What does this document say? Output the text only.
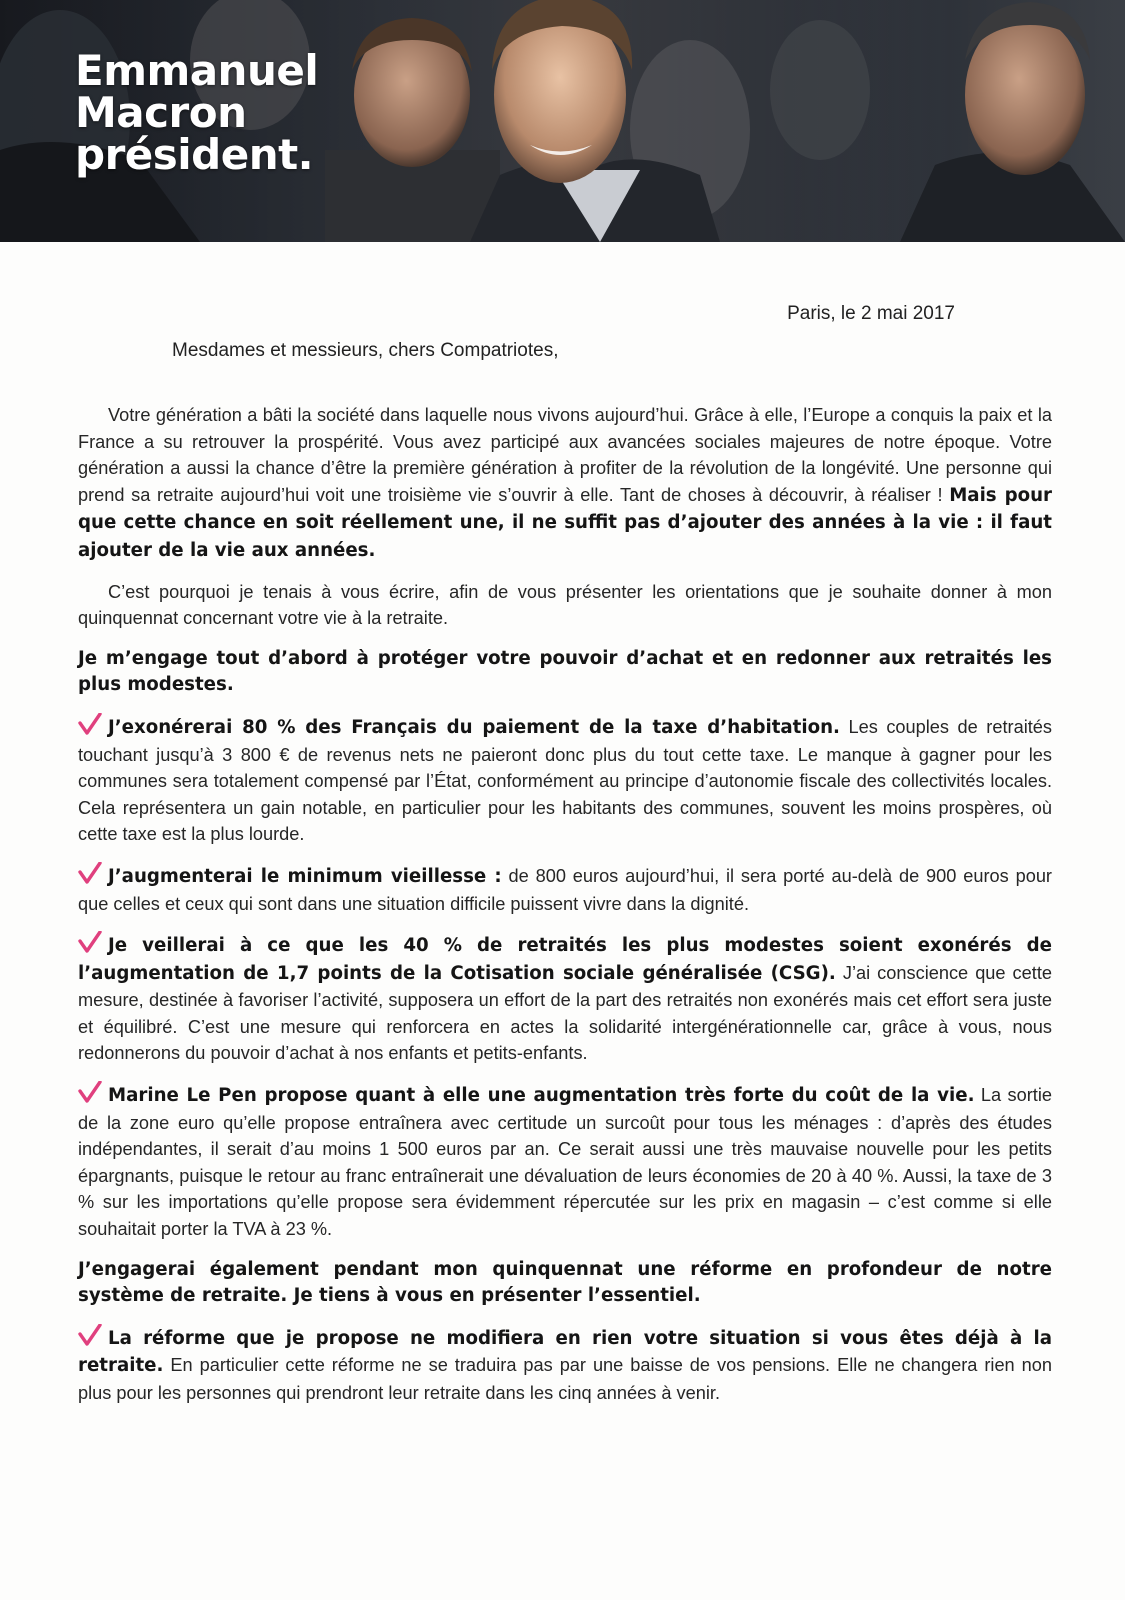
Emmanuel
Macron
président.

Paris, le 2 mai 2017

Mesdames et messieurs, chers Compatriotes,

Votre génération a bâti la société dans laquelle nous vivons aujourd’hui. Grâce à elle, l’Europe a conquis la paix et la France a su retrouver la prospérité. Vous avez participé aux avancées sociales majeures de notre époque. Votre génération a aussi la chance d’être la première génération à profiter de la révolution de la longévité. Une personne qui prend sa retraite aujourd’hui voit une troisième vie s’ouvrir à elle. Tant de choses à découvrir, à réaliser ! Mais pour que cette chance en soit réellement une, il ne suffit pas d’ajouter des années à la vie : il faut ajouter de la vie aux années.

C’est pourquoi je tenais à vous écrire, afin de vous présenter les orientations que je souhaite donner à mon quinquennat concernant votre vie à la retraite.

Je m’engage tout d’abord à protéger votre pouvoir d’achat et en redonner aux retraités les plus modestes.

J’exonérerai 80 % des Français du paiement de la taxe d’habitation. Les couples de retraités touchant jusqu’à 3 800 € de revenus nets ne paieront donc plus du tout cette taxe. Le manque à gagner pour les communes sera totalement compensé par l’État, conformément au principe d’autonomie fiscale des collectivités locales. Cela représentera un gain notable, en particulier pour les habitants des communes, souvent les moins prospères, où cette taxe est la plus lourde.

J’augmenterai le minimum vieillesse : de 800 euros aujourd’hui, il sera porté au-delà de 900 euros pour que celles et ceux qui sont dans une situation difficile puissent vivre dans la dignité.

Je veillerai à ce que les 40 % de retraités les plus modestes soient exonérés de l’augmentation de 1,7 points de la Cotisation sociale généralisée (CSG). J’ai conscience que cette mesure, destinée à favoriser l’activité, supposera un effort de la part des retraités non exonérés mais cet effort sera juste et équilibré. C’est une mesure qui renforcera en actes la solidarité intergénérationnelle car, grâce à vous, nous redonnerons du pouvoir d’achat à nos enfants et petits-enfants.

Marine Le Pen propose quant à elle une augmentation très forte du coût de la vie. La sortie de la zone euro qu’elle propose entraînera avec certitude un surcoût pour tous les ménages : d’après des études indépendantes, il serait d’au moins 1 500 euros par an. Ce serait aussi une très mauvaise nouvelle pour les petits épargnants, puisque le retour au franc entraînerait une dévaluation de leurs économies de 20 à 40 %. Aussi, la taxe de 3 % sur les importations qu’elle propose sera évidemment répercutée sur les prix en magasin – c’est comme si elle souhaitait porter la TVA à 23 %.

J’engagerai également pendant mon quinquennat une réforme en profondeur de notre système de retraite. Je tiens à vous en présenter l’essentiel.

La réforme que je propose ne modifiera en rien votre situation si vous êtes déjà à la retraite. En particulier cette réforme ne se traduira pas par une baisse de vos pensions. Elle ne changera rien non plus pour les personnes qui prendront leur retraite dans les cinq années à venir.
